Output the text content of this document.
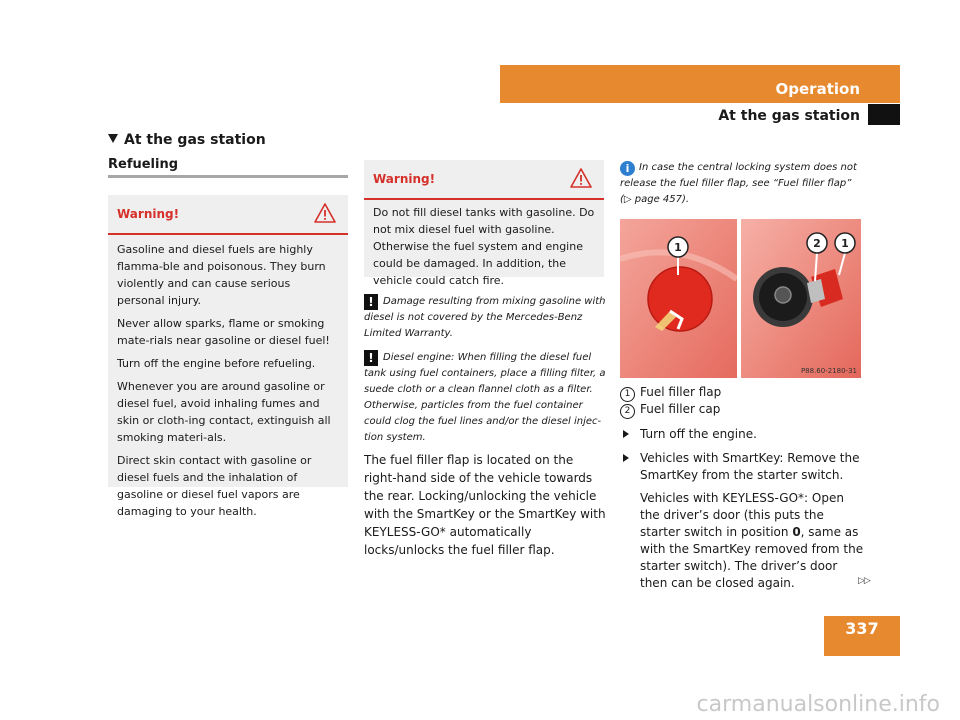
Operation
At the gas station
At the gas station
Refueling
Warning!

Gasoline and diesel fuels are highly flamma-ble and poisonous. They burn violently and can cause serious personal injury.

Never allow sparks, flame or smoking mate-rials near gasoline or diesel fuel!

Turn off the engine before refueling.

Whenever you are around gasoline or diesel fuel, avoid inhaling fumes and skin or cloth-ing contact, extinguish all smoking materi-als.

Direct skin contact with gasoline or diesel fuels and the inhalation of gasoline or diesel fuel vapors are damaging to your health.

Warning!

Do not fill diesel tanks with gasoline. Do not mix diesel fuel with gasoline. Otherwise the fuel system and engine could be damaged. In addition, the vehicle could catch fire.

! Damage resulting from mixing gasoline with diesel is not covered by the Mercedes-Benz Limited Warranty.
! Diesel engine: When filling the diesel fuel tank using fuel containers, place a filling filter, a suede cloth or a clean flannel cloth as a filter. Otherwise, particles from the fuel container could clog the fuel lines and/or the diesel injec-tion system.
The fuel filler flap is located on the right-hand side of the vehicle towards the rear. Locking/unlocking the vehicle with the SmartKey or the SmartKey with KEYLESS-GO* automatically locks/unlocks the fuel filler flap.
i In case the central locking system does not release the fuel filler flap, see “Fuel filler flap” (▷ page 457).
1	2 1
P88.60-2180-31
1 Fuel filler flap
2 Fuel filler cap
Turn off the engine.
Vehicles with SmartKey: Remove the SmartKey from the starter switch.
Vehicles with KEYLESS-GO*: Open the driver’s door (this puts the starter switch in position 0, same as with the SmartKey removed from the starter switch). The driver’s door then can be closed again.	▷▷
337
carmanualsonline.info
